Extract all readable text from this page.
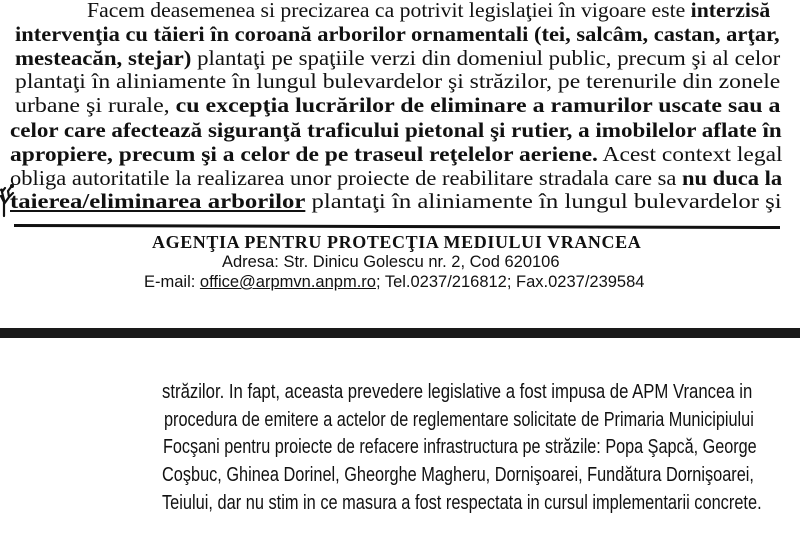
Facem deasemenea si precizarea ca potrivit legislaţiei în vigoare este interzisă
intervenţia cu tăieri în coroană arborilor ornamentali (tei, salcâm, castan, arţar,
mesteacăn, stejar) plantaţi pe spaţiile verzi din domeniul public, precum şi al celor
plantaţi în aliniamente în lungul bulevardelor şi străzilor, pe terenurile din zonele
urbane şi rurale, cu excepţia lucrărilor de eliminare a ramurilor uscate sau a
celor care afectează siguranţă traficului pietonal şi rutier, a imobilelor aflate în
apropiere, precum şi a celor de pe traseul reţelelor aeriene. Acest context legal
obliga autoritatile la realizarea unor proiecte de reabilitare stradala care sa nu duca la
taierea/eliminarea arborilor plantaţi în aliniamente în lungul bulevardelor şi
AGENŢIA PENTRU PROTECŢIA MEDIULUI VRANCEA
Adresa: Str. Dinicu Golescu nr. 2, Cod 620106
E-mail: office@arpmvn.anpm.ro; Tel.0237/216812; Fax.0237/239584
străzilor. In fapt, aceasta prevedere legislative a fost impusa de APM Vrancea in
procedura de emitere a actelor de reglementare solicitate de Primaria Municipiului
Focşani pentru proiecte de refacere infrastructura pe străzile: Popa Şapcă, George
Coşbuc, Ghinea Dorinel, Gheorghe Magheru, Dornişoarei, Fundătura Dornişoarei,
Teiului, dar nu stim in ce masura a fost respectata in cursul implementarii concrete.
